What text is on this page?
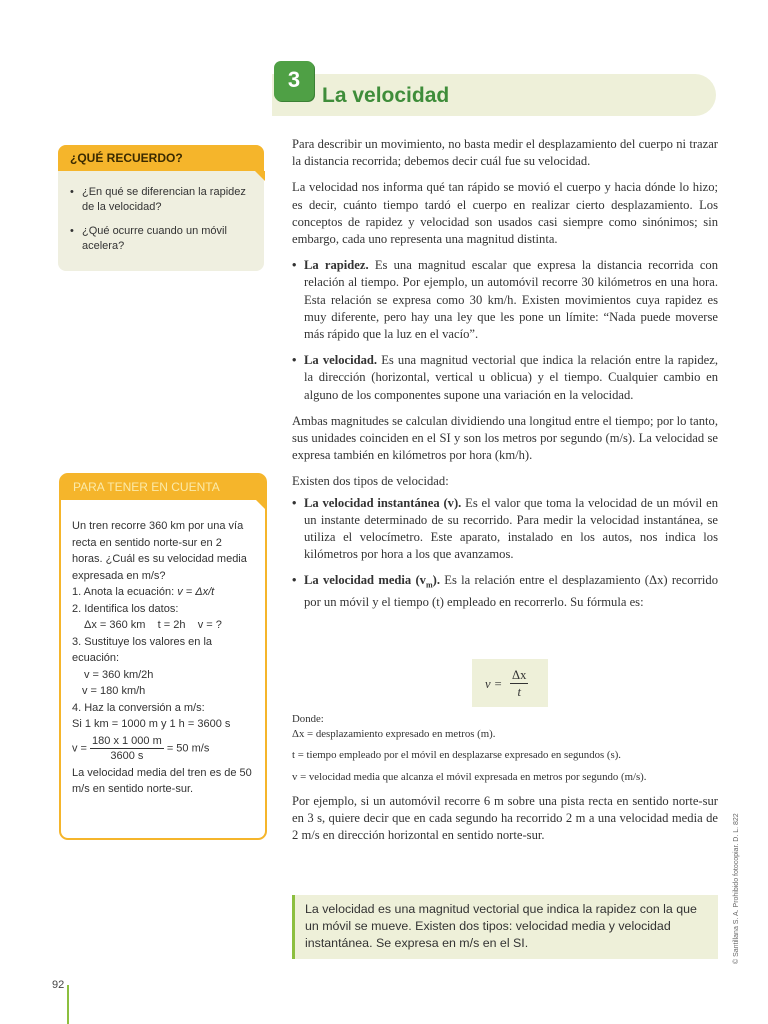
92
3
La velocidad
¿QUÉ RECUERDO?
• ¿En qué se diferencian la rapidez de la velocidad?
• ¿Qué ocurre cuando un móvil acelera?
PARA TENER EN CUENTA

Un tren recorre 360 km por una vía recta en sentido norte-sur en 2 horas. ¿Cuál es su velocidad media expresada en m/s?

1. Anota la ecuación: v = Δx/t

2. Identifica los datos:

Δx = 360 km    t = 2h    v = ?

3. Sustituye los valores en la ecuación:

v = 360 km/2h

v = 180 km/h

4. Haz la conversión a m/s:

Si 1 km = 1000 m y 1 h = 3600 s

$v = \frac{180 x 1 000 m}{3600 s} = 50$ m/s

La velocidad media del tren es de 50 m/s en sentido norte-sur.

Para describir un movimiento, no basta medir el desplazamiento del cuerpo ni trazar la distancia recorrida; debemos decir cuál fue su velocidad.

La velocidad nos informa qué tan rápido se movió el cuerpo y hacia dónde lo hizo; es decir, cuánto tiempo tardó el cuerpo en realizar cierto desplazamiento. Los conceptos de rapidez y velocidad son usados casi siempre como sinónimos; sin embargo, cada uno representa una magnitud distinta.

• La rapidez. Es una magnitud escalar que expresa la distancia recorrida con relación al tiempo. Por ejemplo, un automóvil recorre 30 kilómetros en una hora. Esta relación se expresa como 30 km/h. Existen movimientos cuya rapidez es muy diferente, pero hay una ley que les pone un límite: “Nada puede moverse más rápido que la luz en el vacío”.
• La velocidad. Es una magnitud vectorial que indica la relación entre la rapidez, la dirección (horizontal, vertical u oblicua) y el tiempo. Cualquier cambio en alguno de los componentes supone una variación en la velocidad.

Ambas magnitudes se calculan dividiendo una longitud entre el tiempo; por lo tanto, sus unidades coinciden en el SI y son los metros por segundo (m/s). La velocidad se expresa también en kilómetros por hora (km/h).

Existen dos tipos de velocidad:

• La velocidad instantánea (v). Es el valor que toma la velocidad de un móvil en un instante determinado de su recorrido. Para medir la velocidad instantánea, se utiliza el velocímetro. Este aparato, instalado en los autos, nos indica los kilómetros por hora a los que avanzamos.
• La velocidad media $(v_m)$. Es la relación entre el desplazamiento (Δx) recorrido por un móvil y el tiempo (t) empleado en recorrerlo. Su fórmula es:
$v = \frac{\Delta x}{t}$

Donde:

Δx = desplazamiento expresado en metros (m).

t = tiempo empleado por el móvil en desplazarse expresado en segundos (s).

v = velocidad media que alcanza el móvil expresada en metros por segundo (m/s).

Por ejemplo, si un automóvil recorre 6 m sobre una pista recta en sentido norte-sur en 3 s, quiere decir que en cada segundo ha recorrido 2 m a una velocidad media de 2 m/s en dirección horizontal en sentido norte-sur.

La velocidad es una magnitud vectorial que indica la rapidez con la que un móvil se mueve. Existen dos tipos: velocidad media y velocidad instantánea. Se expresa en m/s en el SI.	© Santillana S. A. Prohibido fotocopiar. D. L. 822
